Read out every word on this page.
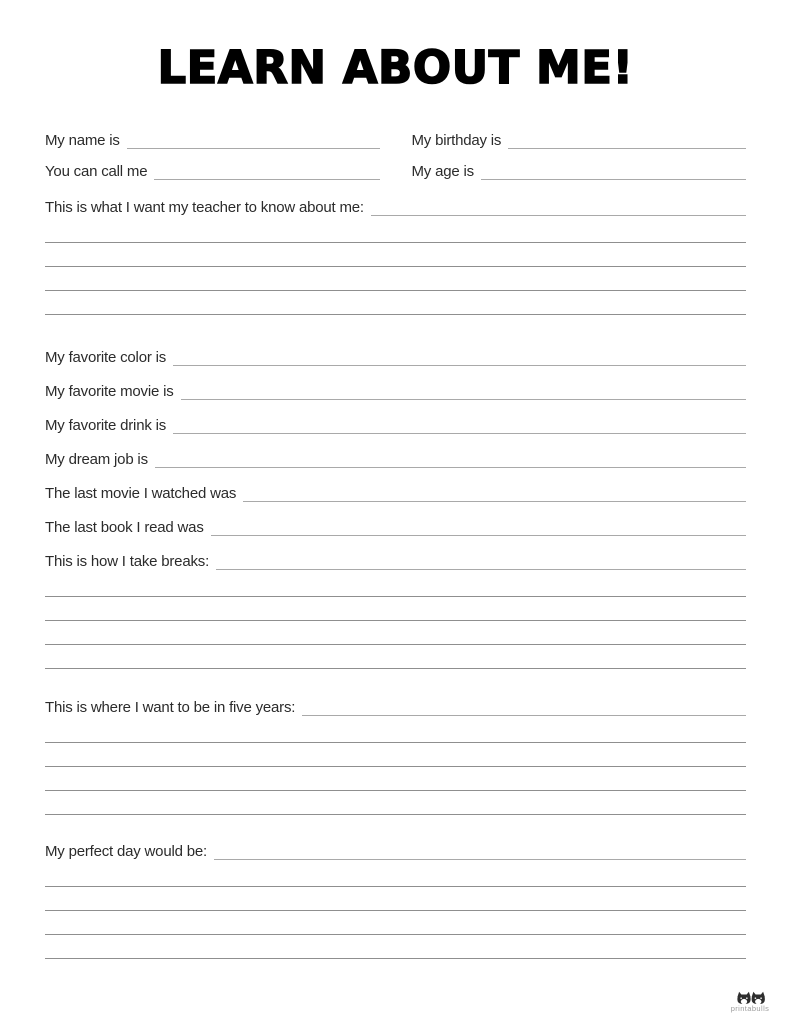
LEARN ABOUT ME!
My name is	My birthday is
You can call me	My age is
This is what I want my teacher to know about me:
My favorite color is
My favorite movie is
My favorite drink is
My dream job is
The last movie I watched was
The last book I read was
This is how I take breaks:
This is where I want to be in five years:
My perfect day would be:
printabulls
